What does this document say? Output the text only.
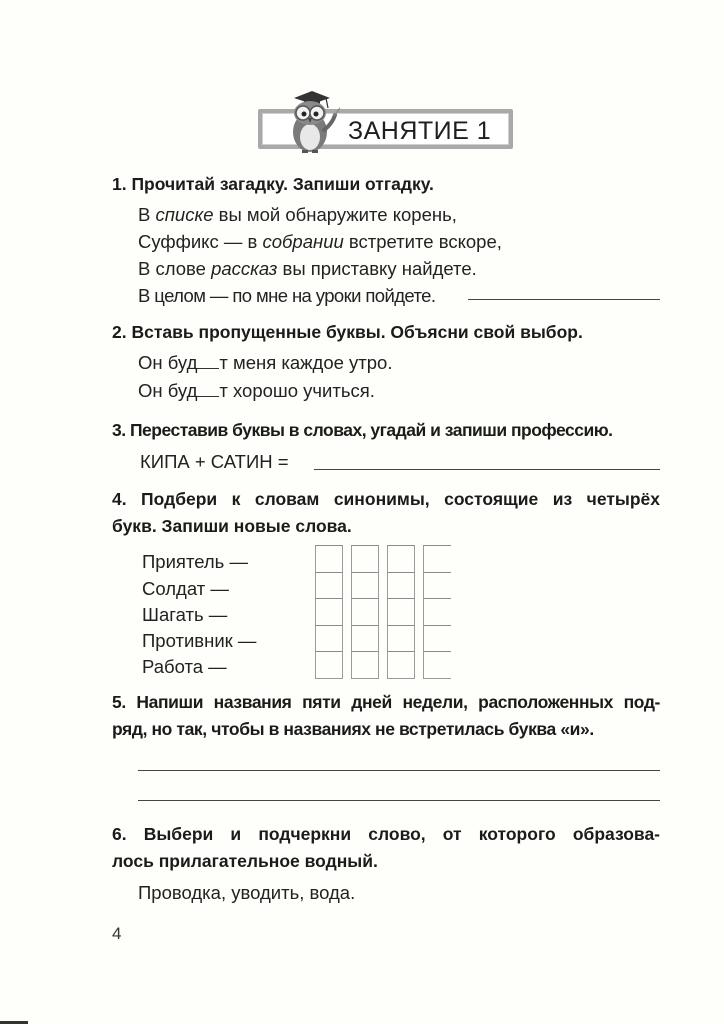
ЗАНЯТИЕ 1
1. Прочитай загадку. Запиши отгадку.
В списке вы мой обнаружите корень,
Суффикс — в собрании встретите вскоре,
В слове рассказ вы приставку найдете.
В целом — по мне на уроки пойдете.
2. Вставь пропущенные буквы. Объясни свой выбор.
Он буд т меня каждое утро.
Он буд т хорошо учиться.
3. Переставив буквы в словах, угадай и запиши профессию.
КИПА + САТИН =
4. Подбери к словам синонимы, состоящие из четырёх
букв. Запиши новые слова.
Приятель —
Солдат —
Шагать —
Противник —
Работа —
5. Напиши названия пяти дней недели, расположенных под-
ряд, но так, чтобы в названиях не встретилась буква «и».
6. Выбери и подчеркни слово, от которого образова-
лось прилагательное водный.
Проводка, уводить, вода.
4
